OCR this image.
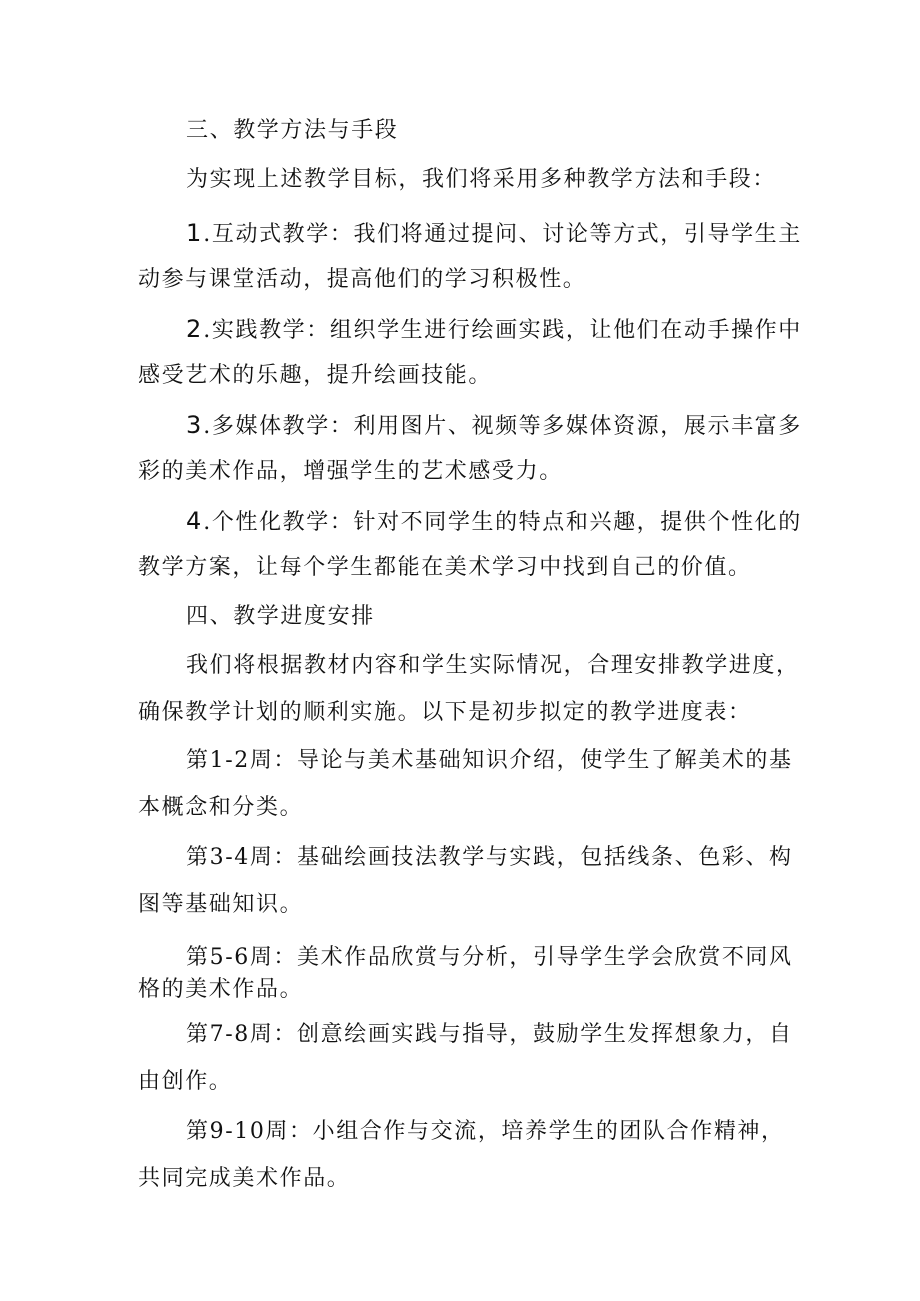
三、教学方法与手段
为实现上述教学目标，我们将采用多种教学方法和手段：
1.互动式教学：我们将通过提问、讨论等方式，引导学生主
动参与课堂活动，提高他们的学习积极性。
2.实践教学：组织学生进行绘画实践，让他们在动手操作中
感受艺术的乐趣，提升绘画技能。
3.多媒体教学：利用图片、视频等多媒体资源，展示丰富多
彩的美术作品，增强学生的艺术感受力。
4.个性化教学：针对不同学生的特点和兴趣，提供个性化的
教学方案，让每个学生都能在美术学习中找到自己的价值。
四、教学进度安排
我们将根据教材内容和学生实际情况，合理安排教学进度，
确保教学计划的顺利实施。以下是初步拟定的教学进度表：
第1-2周：导论与美术基础知识介绍，使学生了解美术的基
本概念和分类。
第3-4周：基础绘画技法教学与实践，包括线条、色彩、构
图等基础知识。
第5-6周：美术作品欣赏与分析，引导学生学会欣赏不同风
格的美术作品。
第7-8周：创意绘画实践与指导，鼓励学生发挥想象力，自
由创作。
第9-10周：小组合作与交流，培养学生的团队合作精神，
共同完成美术作品。
